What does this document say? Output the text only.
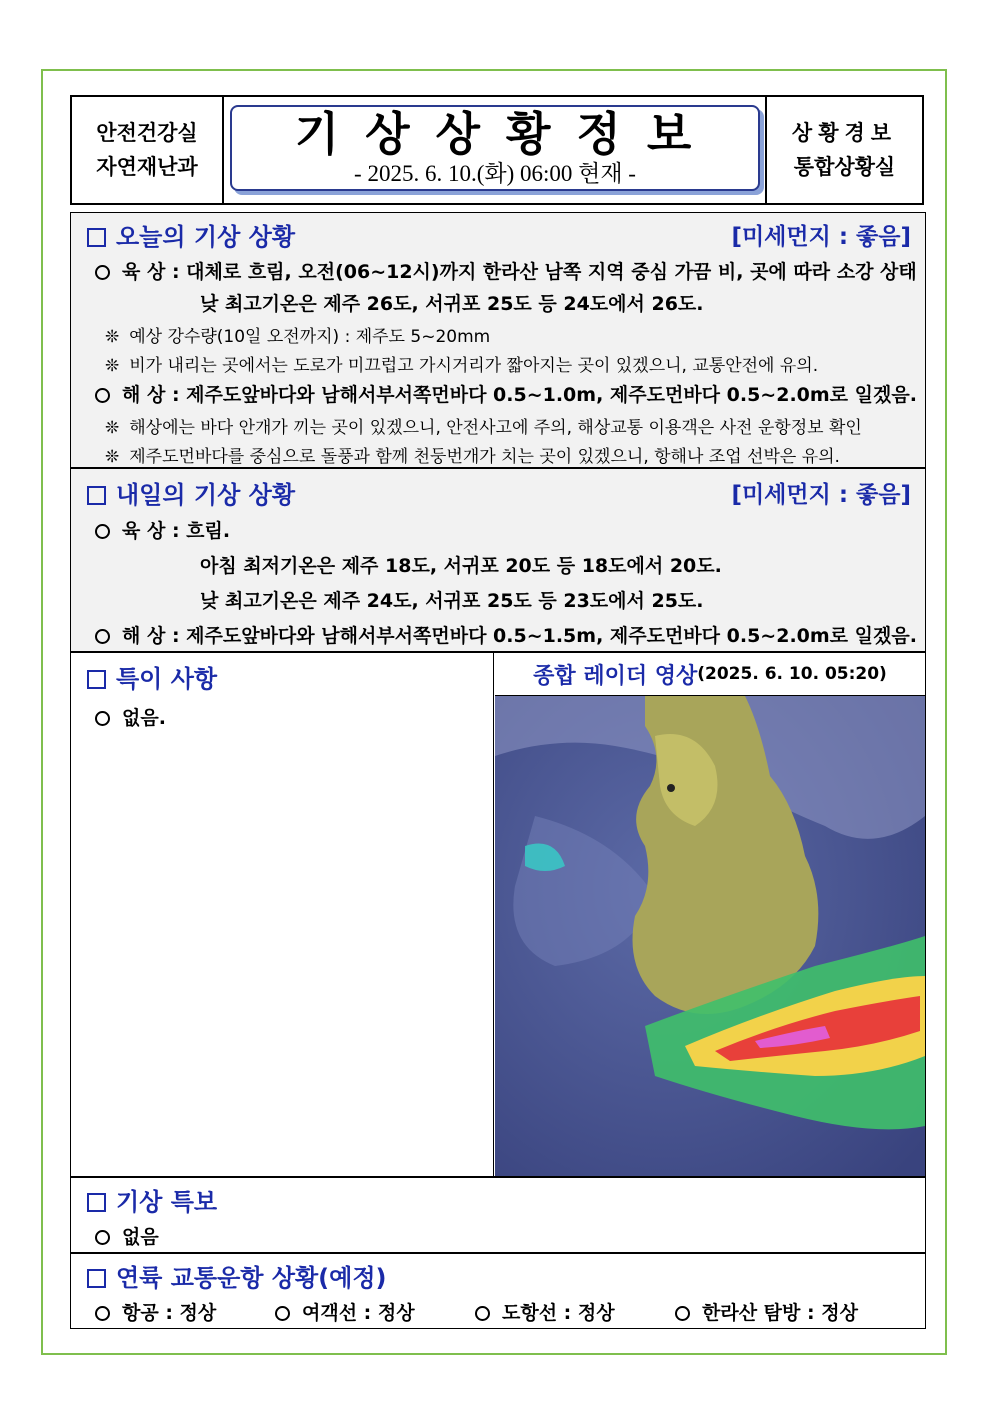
안전건강실
자연재난과
기상상황정보
- 2025. 6. 10.(화) 06:00 현재 -
상황경보
통합상황실
오늘의 기상 상황	[미세먼지 : 좋음]
육 상 : 대체로 흐림, 오전(06~12시)까지 한라산 남쪽 지역 중심 가끔 비, 곳에 따라 소강 상태
낮 최고기온은 제주 26도, 서귀포 25도 등 24도에서 26도.
❊ 예상 강수량(10일 오전까지) : 제주도 5~20mm
❊ 비가 내리는 곳에서는 도로가 미끄럽고 가시거리가 짧아지는 곳이 있겠으니, 교통안전에 유의.
해 상 : 제주도앞바다와 남해서부서쪽먼바다 0.5~1.0m, 제주도먼바다 0.5~2.0m로 일겠음.
❊ 해상에는 바다 안개가 끼는 곳이 있겠으니, 안전사고에 주의, 해상교통 이용객은 사전 운항정보 확인
❊ 제주도먼바다를 중심으로 돌풍과 함께 천둥번개가 치는 곳이 있겠으니, 항해나 조업 선박은 유의.
내일의 기상 상황	[미세먼지 : 좋음]
육 상 : 흐림.
아침 최저기온은 제주 18도, 서귀포 20도 등 18도에서 20도.
낮 최고기온은 제주 24도, 서귀포 25도 등 23도에서 25도.
해 상 : 제주도앞바다와 남해서부서쪽먼바다 0.5~1.5m, 제주도먼바다 0.5~2.0m로 일겠음.
특이 사항
없음.
종합 레이더 영상 (2025. 6. 10. 05:20)
기상 특보
없음
연륙 교통운항 상황(예정)
항공 : 정상	여객선 : 정상	도항선 : 정상	한라산 탐방 : 정상
